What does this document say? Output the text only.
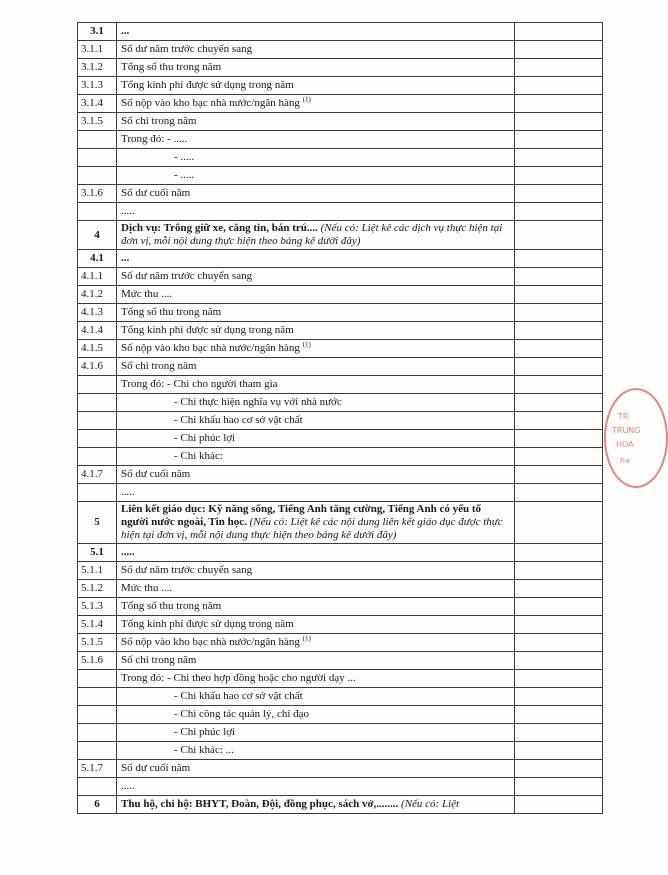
3.1	...	
3.1.1	Số dư năm trước chuyển sang	
3.1.2	Tổng số thu trong năm	
3.1.3	Tổng kinh phí được sử dụng trong năm	
3.1.4	Số nộp vào kho bạc nhà nước/ngân hàng $^{(1)}$	
3.1.5	Số chi trong năm	
	Trong đó: - .....	
	- .....	
	- .....	
3.1.6	Số dư cuối năm	
	.....	
4	Dịch vụ: Trông giữ xe, căng tin, bán trú.... (Nếu có: Liệt kê các dịch vụ thực hiện tại đơn vị, mỗi nội dung thực hiện theo bảng kê dưới đây)	
4.1	...	
4.1.1	Số dư năm trước chuyển sang	
4.1.2	Mức thu ....	
4.1.3	Tổng số thu trong năm	
4.1.4	Tổng kinh phí được sử dụng trong năm	
4.1.5	Số nộp vào kho bạc nhà nước/ngân hàng $^{(1)}$	
4.1.6	Số chi trong năm	
	Trong đó: - Chi cho người tham gia	
	- Chi thực hiện nghĩa vụ với nhà nước	
	- Chi khấu hao cơ sở vật chất	
	- Chi phúc lợi	
	- Chi khác:	
4.1.7	Số dư cuối năm	
	.....	
5	Liên kết giáo dục: Kỹ năng sống, Tiếng Anh tăng cường, Tiếng Anh có yếu tố người nước ngoài, Tin học. (Nếu có: Liệt kê các nội dung liên kết giáo dục được thực hiện tại đơn vị, mỗi nội dung thực hiện theo bảng kê dưới đây)	
5.1	.....	
5.1.1	Số dư năm trước chuyển sang	
5.1.2	Mức thu ....	
5.1.3	Tổng số thu trong năm	
5.1.4	Tổng kinh phí được sử dụng trong năm	
5.1.5	Số nộp vào kho bạc nhà nước/ngân hàng $^{(1)}$	
5.1.6	Số chi trong năm	
	Trong đó: - Chi theo hợp đồng hoặc cho người dạy ...	
	- Chi khấu hao cơ sở vật chất	
	- Chi công tác quản lý, chỉ đạo	
	- Chi phúc lợi	
	- Chi khác: ...	
5.1.7	Số dư cuối năm	
	.....	
6	Thu hộ, chi hộ: BHYT, Đoàn, Đội, đồng phục, sách vở,........ (Nếu có: Liệt	
TR
TRUNG
HOA
ha
